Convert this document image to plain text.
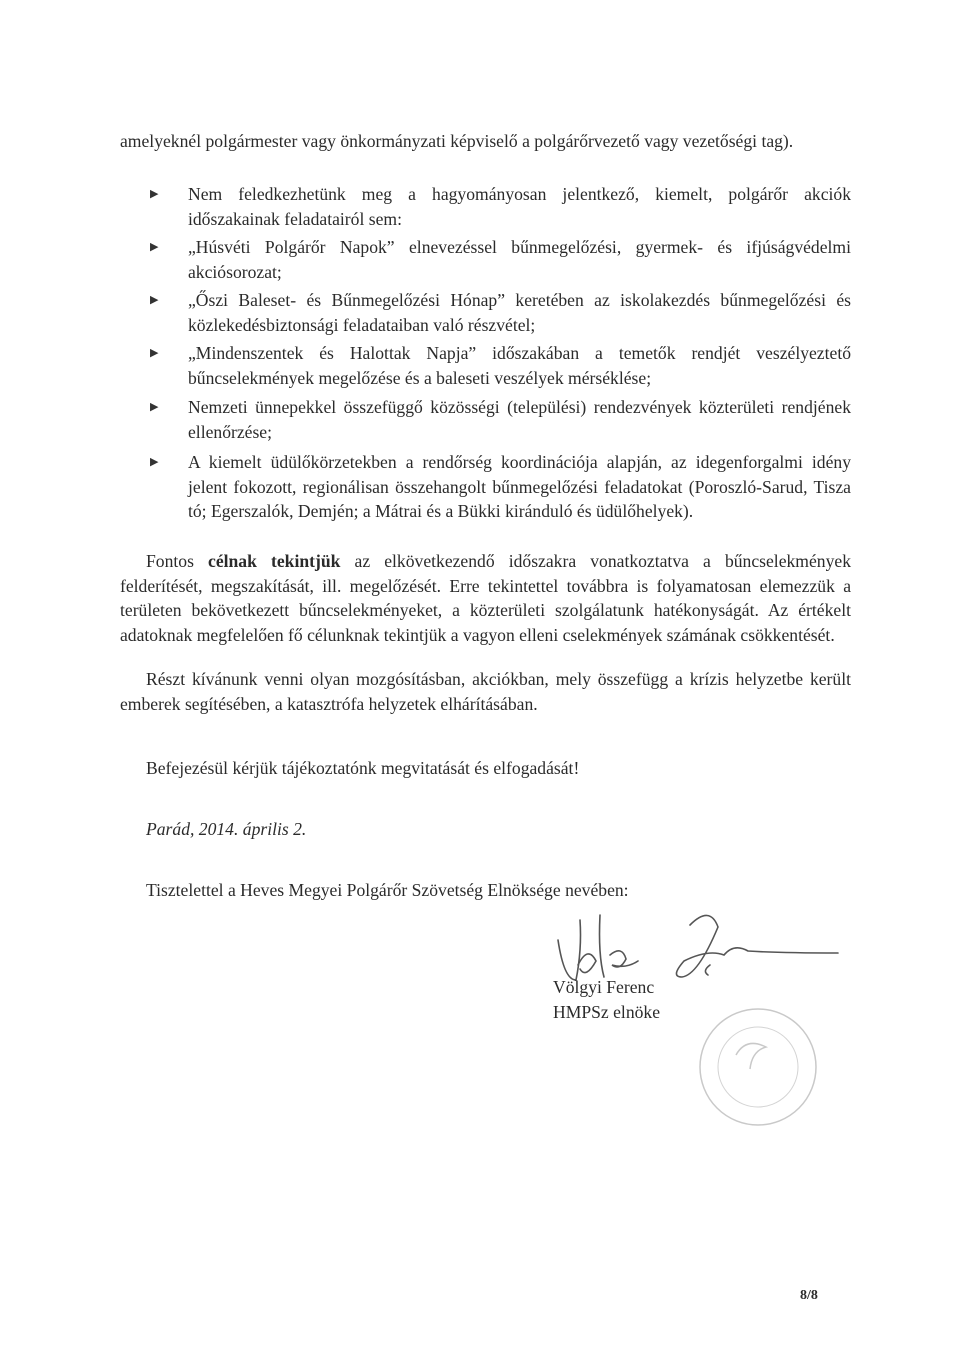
amelyeknél polgármester vagy önkormányzati képviselő a polgárőrvezető vagy vezetőségi tag).

▶	Nem feledkezhetünk meg a hagyományosan jelentkező, kiemelt, polgárőr akciók időszakainak feladatairól sem:

▶	„Húsvéti Polgárőr Napok” elnevezéssel bűnmegelőzési, gyermek- és ifjúságvédelmi akciósorozat;

▶	„Őszi Baleset- és Bűnmegelőzési Hónap” keretében az iskolakezdés bűnmegelőzési és közlekedésbiztonsági feladataiban való részvétel;

▶	„Mindenszentek és Halottak Napja” időszakában a temetők rendjét veszélyeztető bűncselekmények megelőzése és a baleseti veszélyek mérséklése;

▶	Nemzeti ünnepekkel összefüggő közösségi (települési) rendezvények közterületi rendjének ellenőrzése;

▶	A kiemelt üdülőkörzetekben a rendőrség koordinációja alapján, az idegenforgalmi idény jelent fokozott, regionálisan összehangolt bűnmegelőzési feladatokat (Poroszló-Sarud, Tisza tó; Egerszalók, Demjén; a Mátrai és a Bükki kiránduló és üdülőhelyek).

Fontos célnak tekintjük az elkövetkezendő időszakra vonatkoztatva a bűncselekmények felderítését, megszakítását, ill. megelőzését. Erre tekintettel továbbra is folyamatosan elemezzük a területen bekövetkezett bűncselekményeket, a közterületi szolgálatunk hatékonyságát. Az értékelt adatoknak megfelelően fő célunknak tekintjük a vagyon elleni cselekmények számának csökkentését.

Részt kívánunk venni olyan mozgósításban, akciókban, mely összefügg a krízis helyzetbe került emberek segítésében, a katasztrófa helyzetek elhárításában.

Befejezésül kérjük tájékoztatónk megvitatását és elfogadását!

Parád, 2014. április 2.

Tisztelettel a Heves Megyei Polgárőr Szövetség Elnöksége nevében:

Völgyi Ferenc
HMPSz elnöke
8/8
